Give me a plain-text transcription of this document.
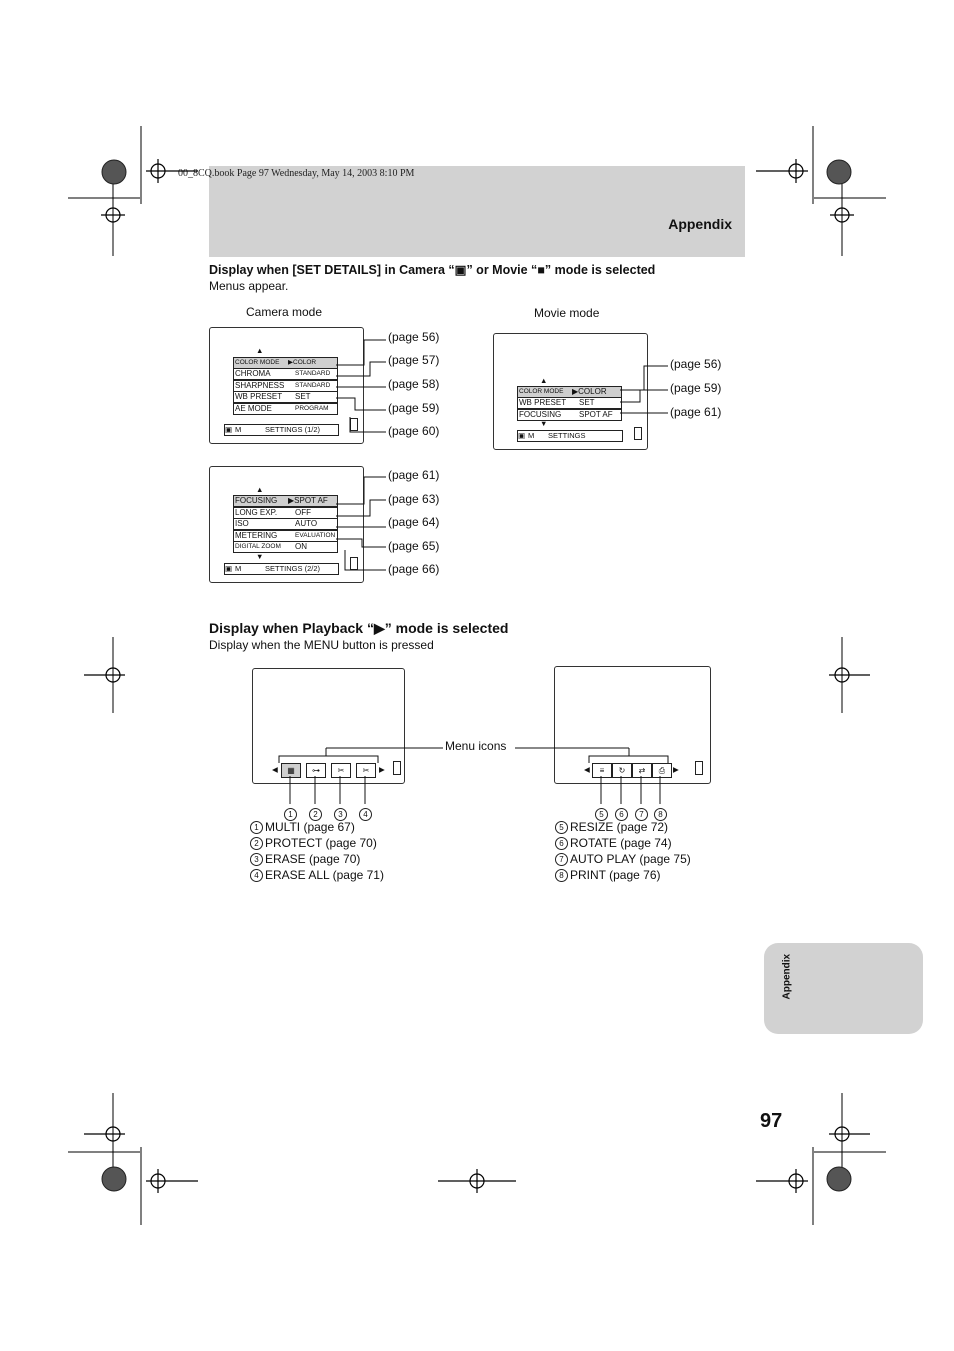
00_8CQ.book Page 97 Wednesday, May 14, 2003 8:10 PM
Appendix
Display when [SET DETAILS] in Camera “▣” or Movie “■” mode is selected
Menus appear.
Camera mode	Movie mode
▲
COLOR MODE ▶COLOR
CHROMA	STANDARD
SHARPNESS STANDARD
WB PRESET SET
AE MODE	PROGRAM
▣ M	SETTINGS (1/2)
▲
FOCUSING ▶SPOT AF
LONG EXP. OFF
ISO	AUTO
METERING	EVALUATION
DIGITAL ZOOM ON
▼
▣ M	SETTINGS (2/2)
▲
COLOR MODE ▶COLOR
WB PRESET SET
FOCUSING SPOT AF
▼
▣ M SETTINGS
(page 56)
(page 57)
(page 58)
(page 59)
(page 60)
(page 61)
(page 63)
(page 64)
(page 65)
(page 66)
(page 56)
(page 59)
(page 61)
Display when Playback “▶” mode is selected
Display when the MENU button is pressed
◀	▦	⊶	✂	✂	▶	◀	≡	↻	⇄	⎙	▶
Menu icons
1	2	3	4	5	6	7	8
1 MULTI (page 67)
2 PROTECT (page 70)
3 ERASE (page 70)
4 ERASE ALL (page 71)
5 RESIZE (page 72)
6 ROTATE (page 74)
7 AUTO PLAY (page 75)
8 PRINT (page 76)
Appendix
97
